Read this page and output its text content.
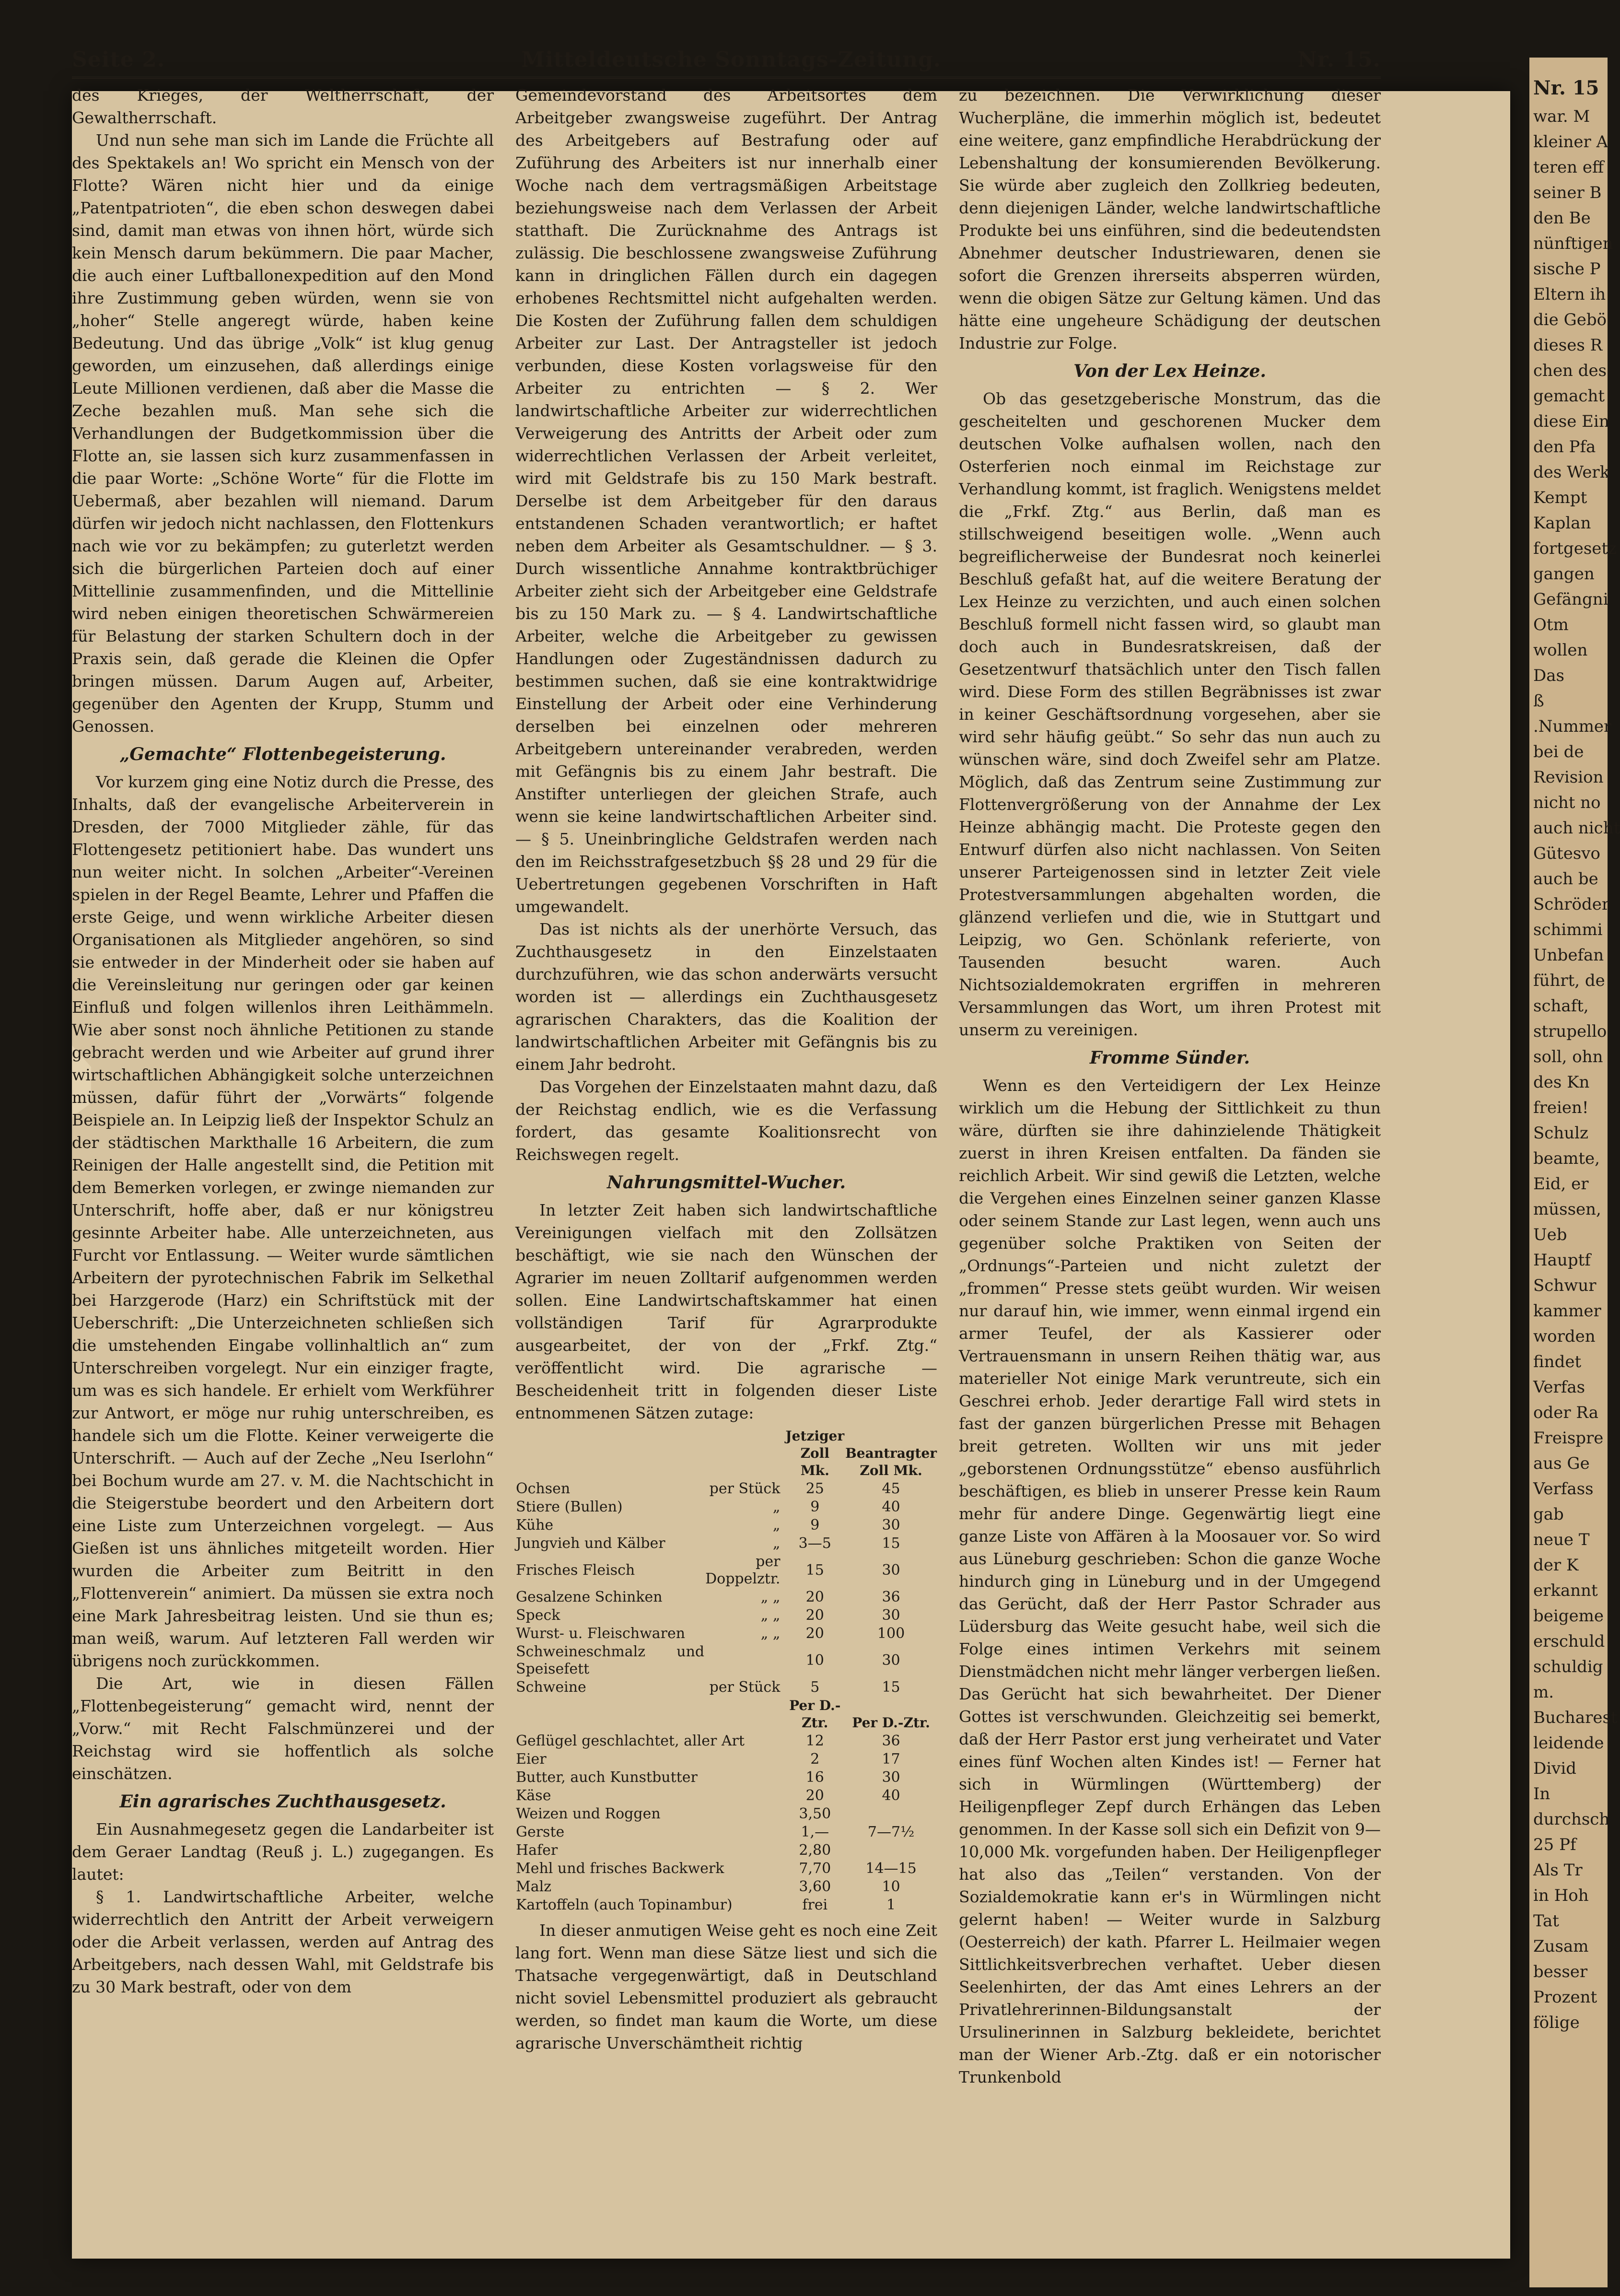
Nr. 15
war. M
kleiner A
teren eff
seiner B
den Be
nünftigen
sische P
Eltern ih
die Gebö
dieses R
chen des
gemacht
diese Ein
den Pfa
des Werk
Kempt
Kaplan
fortgesetz
gangen
Gefängni
Otm
wollen
Das
ß
.Nummer
bei de
Revision
nicht no
auch nicht
Gütesvo
auch be
Schröder
schimmi
Unbefan
führt, de
schaft,
strupello
soll, ohn
des Kn
freien!
Schulz
beamte,
Eid, er
müssen,
Ueb
Hauptf
Schwur
kammer
worden
findet
Verfas
oder Ra
Freispre
aus Ge
Verfass
gab
neue T
der K
erkannt
beigeme
erschuld
schuldig
m.
Bucharest
leidende
Divid
In
durchsch
25 Pf
Als Tr
in Hoh
Tat
Zusam
besser
Prozent
fölige
Seite 2.	Mitteldeutsche Sonntags-Zeitung.	Nr. 15.

des Krieges, der Weltherrschaft, der Gewaltherrschaft.

Und nun sehe man sich im Lande die Früchte all des Spektakels an! Wo spricht ein Mensch von der Flotte? Wären nicht hier und da einige „Patentpatrioten“, die eben schon deswegen dabei sind, damit man etwas von ihnen hört, würde sich kein Mensch darum bekümmern. Die paar Macher, die auch einer Luftballonexpedition auf den Mond ihre Zustimmung geben würden, wenn sie von „hoher“ Stelle angeregt würde, haben keine Bedeutung. Und das übrige „Volk“ ist klug genug geworden, um einzusehen, daß allerdings einige Leute Millionen verdienen, daß aber die Masse die Zeche bezahlen muß. Man sehe sich die Verhandlungen der Budgetkommission über die Flotte an, sie lassen sich kurz zusammenfassen in die paar Worte: „Schöne Worte“ für die Flotte im Uebermaß, aber bezahlen will niemand. Darum dürfen wir jedoch nicht nachlassen, den Flottenkurs nach wie vor zu bekämpfen; zu guterletzt werden sich die bürgerlichen Parteien doch auf einer Mittellinie zusammenfinden, und die Mittellinie wird neben einigen theoretischen Schwärmereien für Belastung der starken Schultern doch in der Praxis sein, daß gerade die Kleinen die Opfer bringen müssen. Darum Augen auf, Arbeiter, gegenüber den Agenten der Krupp, Stumm und Genossen.

„Gemachte“ Flottenbegeisterung.

Vor kurzem ging eine Notiz durch die Presse, des Inhalts, daß der evangelische Arbeiterverein in Dresden, der 7000 Mitglieder zähle, für das Flottengesetz petitioniert habe. Das wundert uns nun weiter nicht. In solchen „Arbeiter“-Vereinen spielen in der Regel Beamte, Lehrer und Pfaffen die erste Geige, und wenn wirkliche Arbeiter diesen Organisationen als Mitglieder angehören, so sind sie entweder in der Minderheit oder sie haben auf die Vereinsleitung nur geringen oder gar keinen Einfluß und folgen willenlos ihren Leithämmeln. Wie aber sonst noch ähnliche Petitionen zu stande gebracht werden und wie Arbeiter auf grund ihrer wirtschaftlichen Abhängigkeit solche unterzeichnen müssen, dafür führt der „Vorwärts“ folgende Beispiele an. In Leipzig ließ der Inspektor Schulz an der städtischen Markthalle 16 Arbeitern, die zum Reinigen der Halle angestellt sind, die Petition mit dem Bemerken vorlegen, er zwinge niemanden zur Unterschrift, hoffe aber, daß er nur königstreu gesinnte Arbeiter habe. Alle unterzeichneten, aus Furcht vor Entlassung. — Weiter wurde sämtlichen Arbeitern der pyrotechnischen Fabrik im Selkethal bei Harzgerode (Harz) ein Schriftstück mit der Ueberschrift: „Die Unterzeichneten schließen sich die umstehenden Eingabe vollinhaltlich an“ zum Unterschreiben vorgelegt. Nur ein einziger fragte, um was es sich handele. Er erhielt vom Werkführer zur Antwort, er möge nur ruhig unterschreiben, es handele sich um die Flotte. Keiner verweigerte die Unterschrift. — Auch auf der Zeche „Neu Iserlohn“ bei Bochum wurde am 27. v. M. die Nachtschicht in die Steigerstube beordert und den Arbeitern dort eine Liste zum Unterzeichnen vorgelegt. — Aus Gießen ist uns ähnliches mitgeteilt worden. Hier wurden die Arbeiter zum Beitritt in den „Flottenverein“ animiert. Da müssen sie extra noch eine Mark Jahresbeitrag leisten. Und sie thun es; man weiß, warum. Auf letzteren Fall werden wir übrigens noch zurückkommen.

Die Art, wie in diesen Fällen „Flottenbegeisterung“ gemacht wird, nennt der „Vorw.“ mit Recht Falschmünzerei und der Reichstag wird sie hoffentlich als solche einschätzen.

Ein agrarisches Zuchthausgesetz.

Ein Ausnahmegesetz gegen die Landarbeiter ist dem Geraer Landtag (Reuß j. L.) zugegangen. Es lautet:

§ 1. Landwirtschaftliche Arbeiter, welche widerrechtlich den Antritt der Arbeit verweigern oder die Arbeit verlassen, werden auf Antrag des Arbeitgebers, nach dessen Wahl, mit Geldstrafe bis zu 30 Mark bestraft, oder von dem

Gemeindevorstand des Arbeitsortes dem Arbeitgeber zwangsweise zugeführt. Der Antrag des Arbeitgebers auf Bestrafung oder auf Zuführung des Arbeiters ist nur innerhalb einer Woche nach dem vertragsmäßigen Arbeitstage beziehungsweise nach dem Verlassen der Arbeit statthaft. Die Zurücknahme des Antrags ist zulässig. Die beschlossene zwangsweise Zuführung kann in dringlichen Fällen durch ein dagegen erhobenes Rechtsmittel nicht aufgehalten werden. Die Kosten der Zuführung fallen dem schuldigen Arbeiter zur Last. Der Antragsteller ist jedoch verbunden, diese Kosten vorlagsweise für den Arbeiter zu entrichten — § 2. Wer landwirtschaftliche Arbeiter zur widerrechtlichen Verweigerung des Antritts der Arbeit oder zum widerrechtlichen Verlassen der Arbeit verleitet, wird mit Geldstrafe bis zu 150 Mark bestraft. Derselbe ist dem Arbeitgeber für den daraus entstandenen Schaden verantwortlich; er haftet neben dem Arbeiter als Gesamtschuldner. — § 3. Durch wissentliche Annahme kontraktbrüchiger Arbeiter zieht sich der Arbeitgeber eine Geldstrafe bis zu 150 Mark zu. — § 4. Landwirtschaftliche Arbeiter, welche die Arbeitgeber zu gewissen Handlungen oder Zugeständnissen dadurch zu bestimmen suchen, daß sie eine kontraktwidrige Einstellung der Arbeit oder eine Verhinderung derselben bei einzelnen oder mehreren Arbeitgebern untereinander verabreden, werden mit Gefängnis bis zu einem Jahr bestraft. Die Anstifter unterliegen der gleichen Strafe, auch wenn sie keine landwirtschaftlichen Arbeiter sind. — § 5. Uneinbringliche Geldstrafen werden nach den im Reichsstrafgesetzbuch §§ 28 und 29 für die Uebertretungen gegebenen Vorschriften in Haft umgewandelt.

Das ist nichts als der unerhörte Versuch, das Zuchthausgesetz in den Einzelstaaten durchzuführen, wie das schon anderwärts versucht worden ist — allerdings ein Zuchthausgesetz agrarischen Charakters, das die Koalition der landwirtschaftlichen Arbeiter mit Gefängnis bis zu einem Jahr bedroht.

Das Vorgehen der Einzelstaaten mahnt dazu, daß der Reichstag endlich, wie es die Verfassung fordert, das gesamte Koalitionsrecht von Reichswegen regelt.

Nahrungsmittel-Wucher.

In letzter Zeit haben sich landwirtschaftliche Vereinigungen vielfach mit den Zollsätzen beschäftigt, wie sie nach den Wünschen der Agrarier im neuen Zolltarif aufgenommen werden sollen. Eine Landwirtschaftskammer hat einen vollständigen Tarif für Agrarprodukte ausgearbeitet, der von der „Frkf. Ztg.“ veröffentlicht wird. Die agrarische — Bescheidenheit tritt in folgenden dieser Liste entnommenen Sätzen zutage:

		Jetziger Zoll Mk.	Beantragter Zoll Mk.
Ochsen	per Stück	25	45
Stiere (Bullen)	„	9	40
Kühe	„	9	30
Jungvieh und Kälber	„	3—5	15
Frisches Fleisch	per Doppelztr.	15	30
Gesalzene Schinken	„ „	20	36
Speck	„ „	20	30
Wurst- u. Fleischwaren	„ „	20	100
Schweineschmalz und Speisefett		10	30
Schweine	per Stück	5	15
		Per D.-Ztr.	Per D.-Ztr.
Geflügel geschlachtet, aller Art		12	36
Eier		2	17
Butter, auch Kunstbutter		16	30
Käse		20	40
Weizen und Roggen		3,50	
Gerste		1,—	7—7½
Hafer		2,80	
Mehl und frisches Backwerk		7,70	14—15
Malz		3,60	10
Kartoffeln (auch Topinambur)		frei	1

In dieser anmutigen Weise geht es noch eine Zeit lang fort. Wenn man diese Sätze liest und sich die Thatsache vergegenwärtigt, daß in Deutschland nicht soviel Lebensmittel produziert als gebraucht werden, so findet man kaum die Worte, um diese agrarische Unverschämtheit richtig

zu bezeichnen. Die Verwirklichung dieser Wucherpläne, die immerhin möglich ist, bedeutet eine weitere, ganz empfindliche Herabdrückung der Lebenshaltung der konsumierenden Bevölkerung. Sie würde aber zugleich den Zollkrieg bedeuten, denn diejenigen Länder, welche landwirtschaftliche Produkte bei uns einführen, sind die bedeutendsten Abnehmer deutscher Industriewaren, denen sie sofort die Grenzen ihrerseits absperren würden, wenn die obigen Sätze zur Geltung kämen. Und das hätte eine ungeheure Schädigung der deutschen Industrie zur Folge.

Von der Lex Heinze.

Ob das gesetzgeberische Monstrum, das die gescheitelten und geschorenen Mucker dem deutschen Volke aufhalsen wollen, nach den Osterferien noch einmal im Reichstage zur Verhandlung kommt, ist fraglich. Wenigstens meldet die „Frkf. Ztg.“ aus Berlin, daß man es stillschweigend beseitigen wolle. „Wenn auch begreiflicherweise der Bundesrat noch keinerlei Beschluß gefaßt hat, auf die weitere Beratung der Lex Heinze zu verzichten, und auch einen solchen Beschluß formell nicht fassen wird, so glaubt man doch auch in Bundesratskreisen, daß der Gesetzentwurf thatsächlich unter den Tisch fallen wird. Diese Form des stillen Begräbnisses ist zwar in keiner Geschäftsordnung vorgesehen, aber sie wird sehr häufig geübt.“ So sehr das nun auch zu wünschen wäre, sind doch Zweifel sehr am Platze. Möglich, daß das Zentrum seine Zustimmung zur Flottenvergrößerung von der Annahme der Lex Heinze abhängig macht. Die Proteste gegen den Entwurf dürfen also nicht nachlassen. Von Seiten unserer Parteigenossen sind in letzter Zeit viele Protestversammlungen abgehalten worden, die glänzend verliefen und die, wie in Stuttgart und Leipzig, wo Gen. Schönlank referierte, von Tausenden besucht waren. Auch Nichtsozialdemokraten ergriffen in mehreren Versammlungen das Wort, um ihren Protest mit unserm zu vereinigen.

Fromme Sünder.

Wenn es den Verteidigern der Lex Heinze wirklich um die Hebung der Sittlichkeit zu thun wäre, dürften sie ihre dahinzielende Thätigkeit zuerst in ihren Kreisen entfalten. Da fänden sie reichlich Arbeit. Wir sind gewiß die Letzten, welche die Vergehen eines Einzelnen seiner ganzen Klasse oder seinem Stande zur Last legen, wenn auch uns gegenüber solche Praktiken von Seiten der „Ordnungs“-Parteien und nicht zuletzt der „frommen“ Presse stets geübt wurden. Wir weisen nur darauf hin, wie immer, wenn einmal irgend ein armer Teufel, der als Kassierer oder Vertrauensmann in unsern Reihen thätig war, aus materieller Not einige Mark veruntreute, sich ein Geschrei erhob. Jeder derartige Fall wird stets in fast der ganzen bürgerlichen Presse mit Behagen breit getreten. Wollten wir uns mit jeder „geborstenen Ordnungsstütze“ ebenso ausführlich beschäftigen, es blieb in unserer Presse kein Raum mehr für andere Dinge. Gegenwärtig liegt eine ganze Liste von Affären à la Moosauer vor. So wird aus Lüneburg geschrieben: Schon die ganze Woche hindurch ging in Lüneburg und in der Umgegend das Gerücht, daß der Herr Pastor Schrader aus Lüdersburg das Weite gesucht habe, weil sich die Folge eines intimen Verkehrs mit seinem Dienstmädchen nicht mehr länger verbergen ließen. Das Gerücht hat sich bewahrheitet. Der Diener Gottes ist verschwunden. Gleichzeitig sei bemerkt, daß der Herr Pastor erst jung verheiratet und Vater eines fünf Wochen alten Kindes ist! — Ferner hat sich in Würmlingen (Württemberg) der Heiligenpfleger Zepf durch Erhängen das Leben genommen. In der Kasse soll sich ein Defizit von 9—10,000 Mk. vorgefunden haben. Der Heiligenpfleger hat also das „Teilen“ verstanden. Von der Sozialdemokratie kann er's in Würmlingen nicht gelernt haben! — Weiter wurde in Salzburg (Oesterreich) der kath. Pfarrer L. Heilmaier wegen Sittlichkeitsverbrechen verhaftet. Ueber diesen Seelenhirten, der das Amt eines Lehrers an der Privatlehrerinnen-Bildungsanstalt der Ursulinerinnen in Salzburg bekleidete, berichtet man der Wiener Arb.-Ztg. daß er ein notorischer Trunkenbold
